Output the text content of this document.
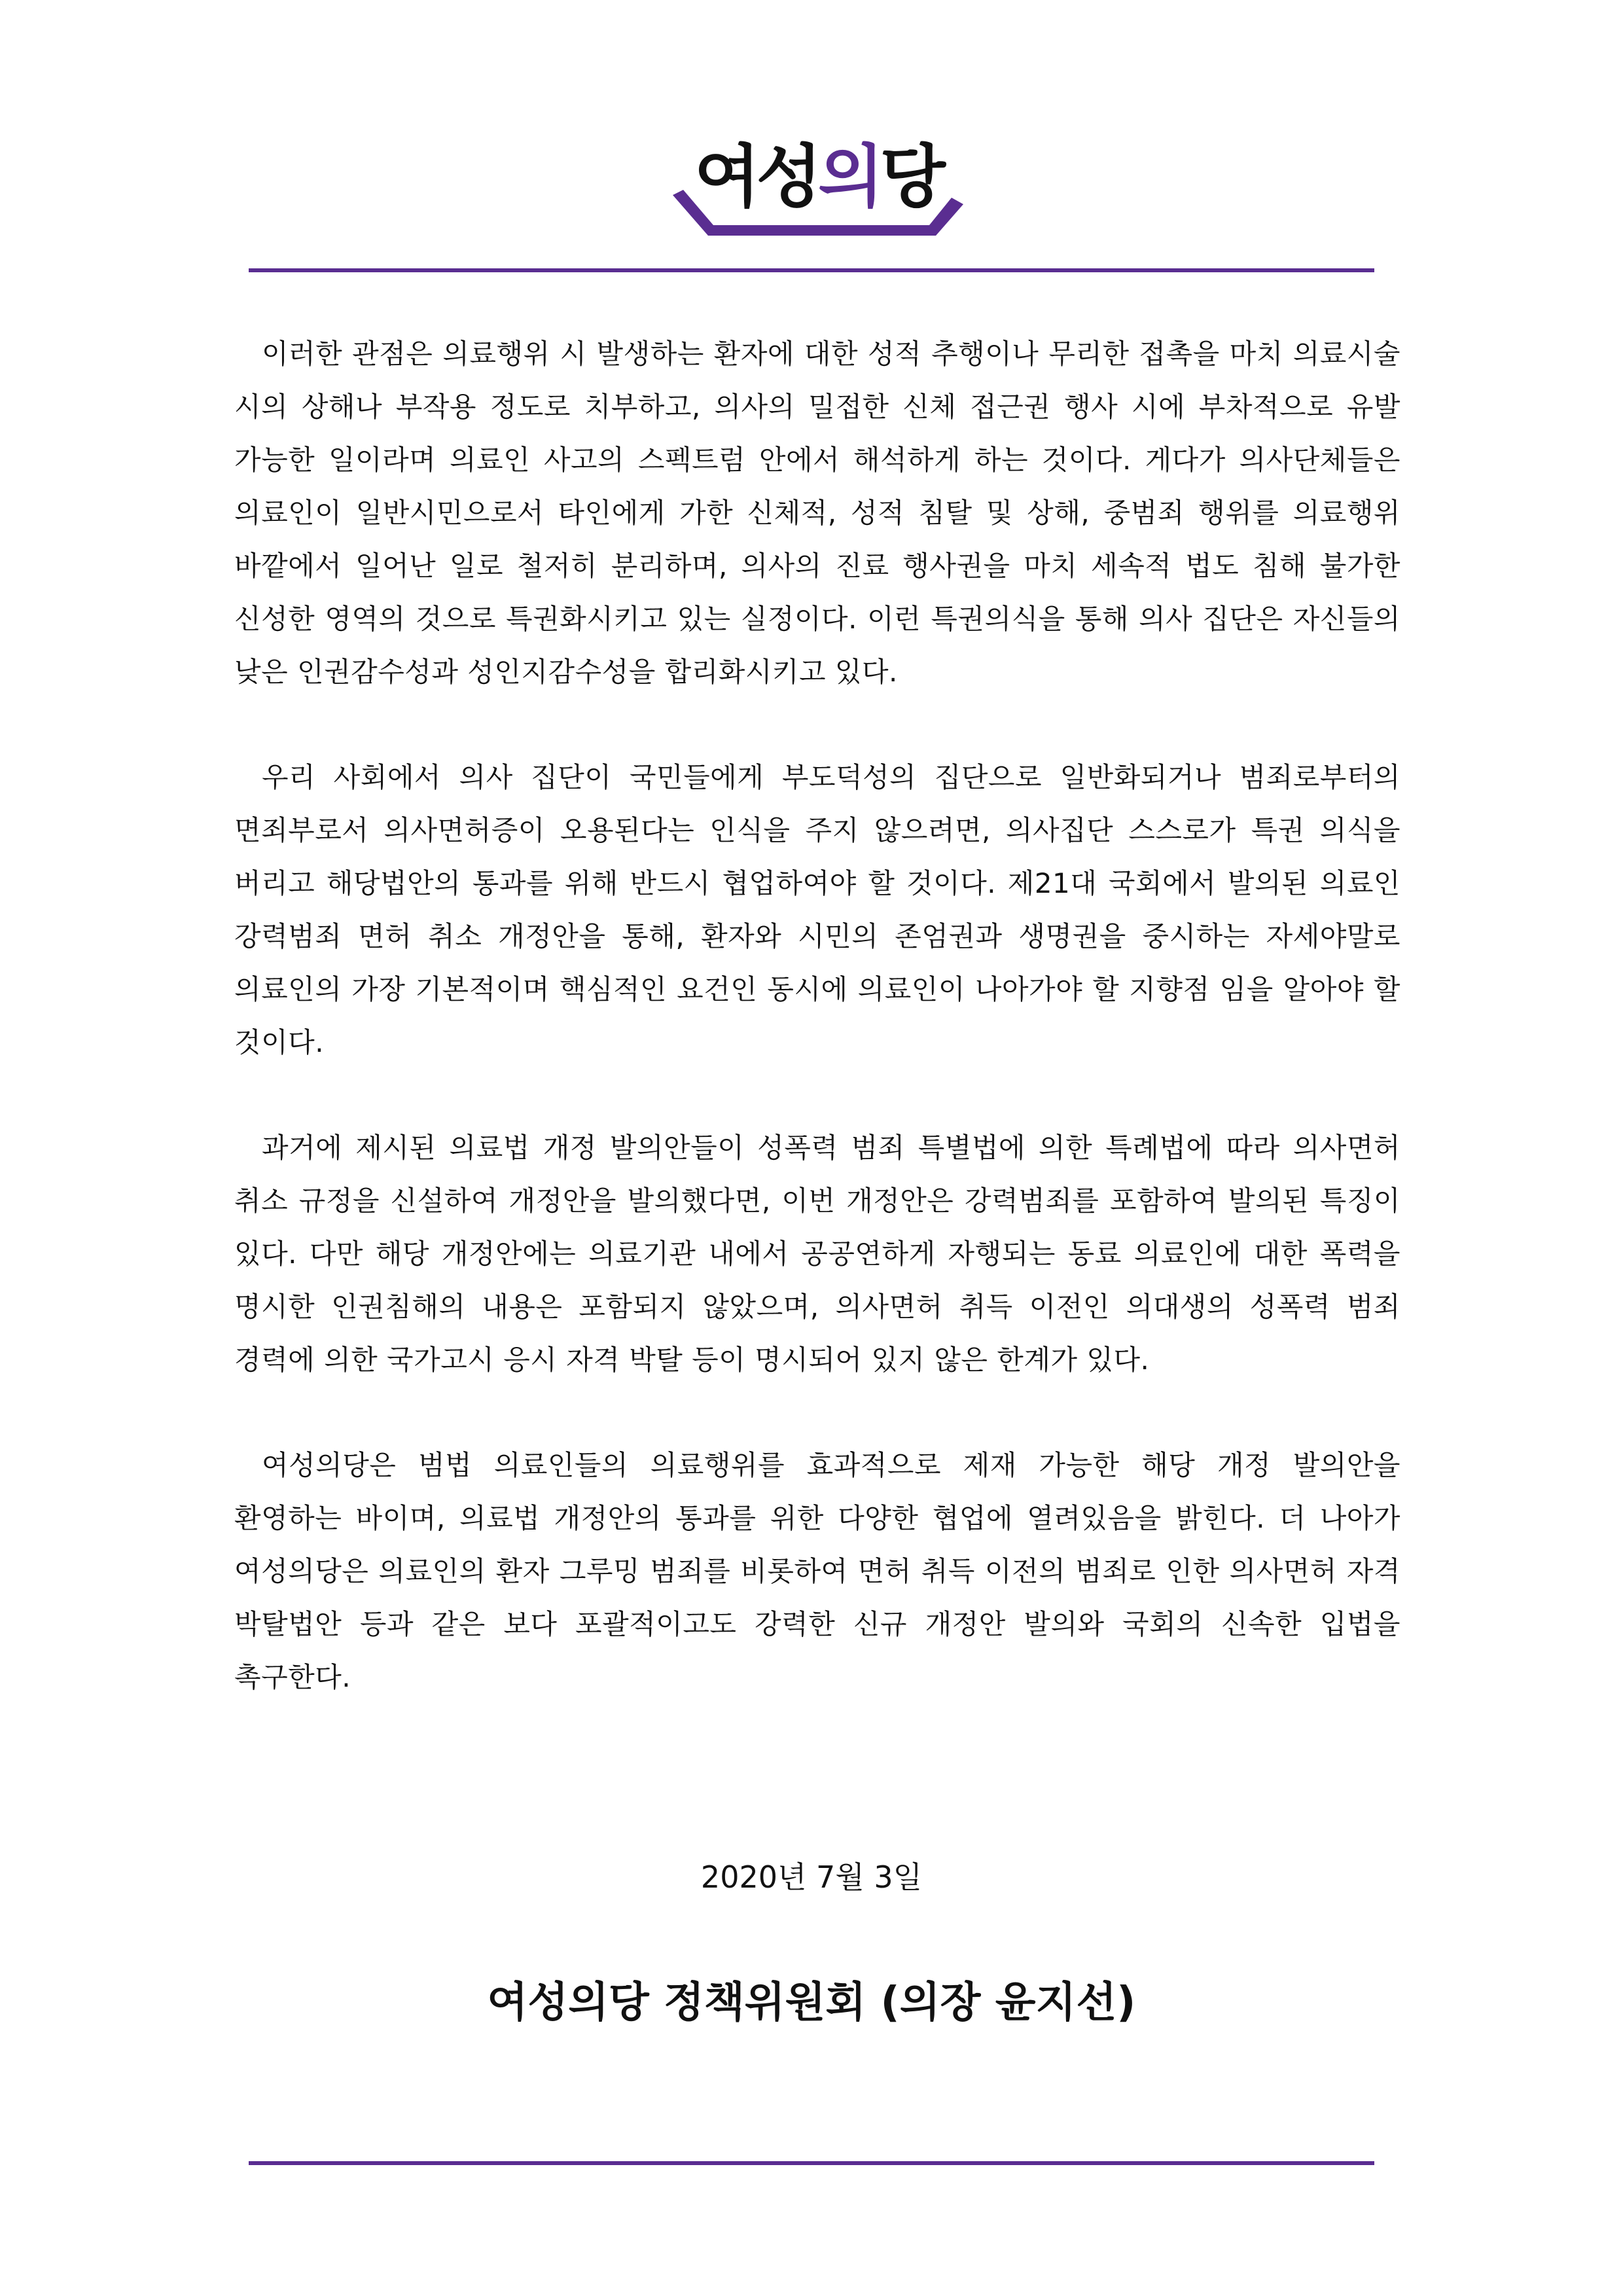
여성의당

이러한 관점은 의료행위 시 발생하는 환자에 대한 성적 추행이나 무리한 접촉을 마치 의료시술 시의 상해나 부작용 정도로 치부하고, 의사의 밀접한 신체 접근권 행사 시에 부차적으로 유발 가능한 일이라며 의료인 사고의 스펙트럼 안에서 해석하게 하는 것이다. 게다가 의사단체들은 의료인이 일반시민으로서 타인에게 가한 신체적, 성적 침탈 및 상해, 중범죄 행위를 의료행위 바깥에서 일어난 일로 철저히 분리하며, 의사의 진료 행사권을 마치 세속적 법도 침해 불가한 신성한 영역의 것으로 특권화시키고 있는 실정이다. 이런 특권의식을 통해 의사 집단은 자신들의 낮은 인권감수성과 성인지감수성을 합리화시키고 있다.

우리 사회에서 의사 집단이 국민들에게 부도덕성의 집단으로 일반화되거나 범죄로부터의 면죄부로서 의사면허증이 오용된다는 인식을 주지 않으려면, 의사집단 스스로가 특권 의식을 버리고 해당법안의 통과를 위해 반드시 협업하여야 할 것이다. 제21대 국회에서 발의된 의료인 강력범죄 면허 취소 개정안을 통해, 환자와 시민의 존엄권과 생명권을 중시하는 자세야말로 의료인의 가장 기본적이며 핵심적인 요건인 동시에 의료인이 나아가야 할 지향점 임을 알아야 할 것이다.

과거에 제시된 의료법 개정 발의안들이 성폭력 범죄 특별법에 의한 특례법에 따라 의사면허 취소 규정을 신설하여 개정안을 발의했다면, 이번 개정안은 강력범죄를 포함하여 발의된 특징이 있다. 다만 해당 개정안에는 의료기관 내에서 공공연하게 자행되는 동료 의료인에 대한 폭력을 명시한 인권침해의 내용은 포함되지 않았으며, 의사면허 취득 이전인 의대생의 성폭력 범죄 경력에 의한 국가고시 응시 자격 박탈 등이 명시되어 있지 않은 한계가 있다.

여성의당은 범법 의료인들의 의료행위를 효과적으로 제재 가능한 해당 개정 발의안을 환영하는 바이며, 의료법 개정안의 통과를 위한 다양한 협업에 열려있음을 밝힌다. 더 나아가 여성의당은 의료인의 환자 그루밍 범죄를 비롯하여 면허 취득 이전의 범죄로 인한 의사면허 자격 박탈법안 등과 같은 보다 포괄적이고도 강력한 신규 개정안 발의와 국회의 신속한 입법을 촉구한다.

2020년 7월 3일
여성의당 정책위원회 (의장 윤지선)
